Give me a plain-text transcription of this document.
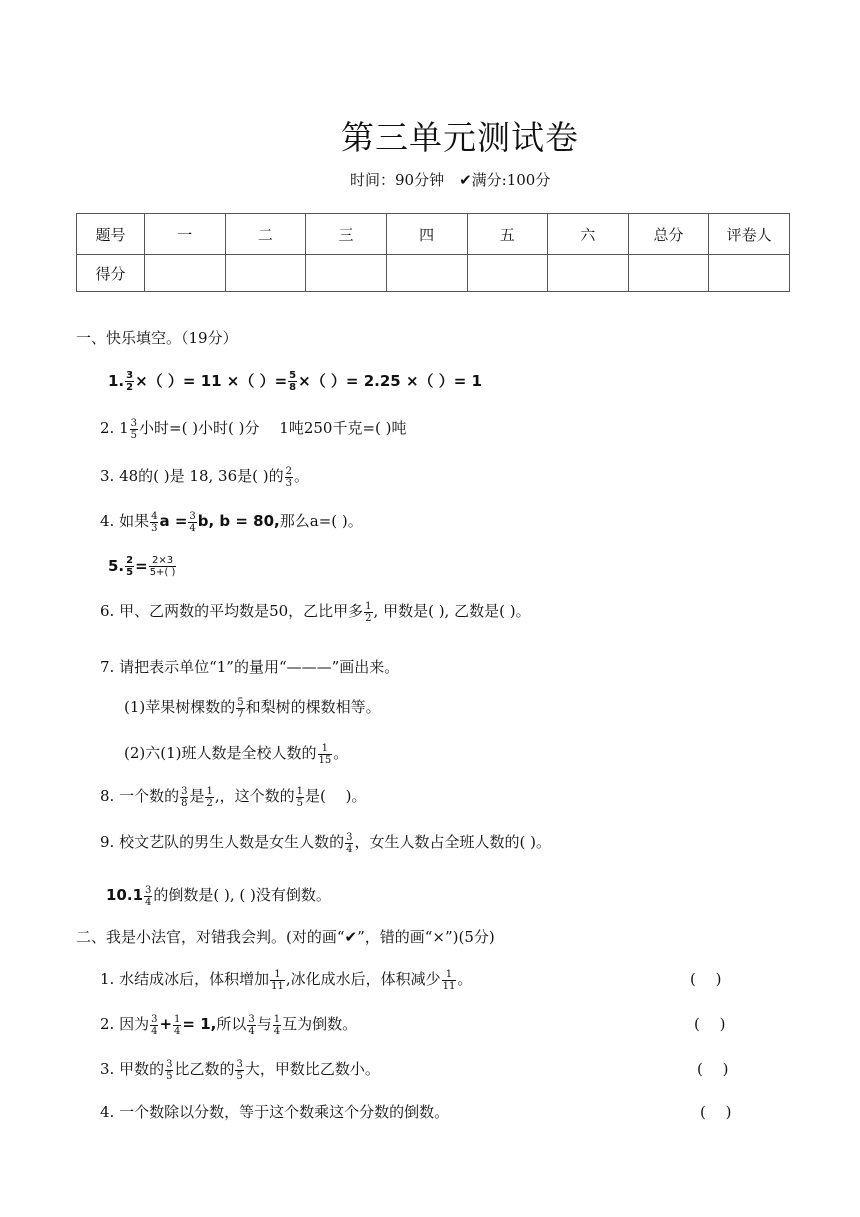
第三单元测试卷
时间：90分钟　✔满分:100分
题号	一	二	三	四	五	六	总分	评卷人
得分								
一、快乐填空。（19分）
1. $\frac{3}{2}$ ×（ ）= 11 ×（ ）= $\frac{5}{8}$ ×（ ）= 2.25 ×（ ）= 1
2. $1 \frac{3}{5}$ 小时=( )小时( )分　 1吨250千克=( )吨
3. 48的( )是 18, 36是( )的 $\frac{2}{3}$ 。
4. 如果 $\frac{4}{3}$ $a = \frac{3}{4} b$, b = 80,那么a=( )。
5. $\frac{2}{5} = \frac{2\times 3}{5+( )}$
6. 甲、乙两数的平均数是50，乙比甲多 $\frac{1}{2}$ , 甲数是( ), 乙数是( )。
7. 请把表示单位“1”的量用“———”画出来。
(1)苹果树棵数的 $\frac{5}{7}$ 和梨树的棵数相等。
(2)六(1)班人数是全校人数的 $\frac{1}{15}$ 。
8. 一个数的 $\frac{3}{8}$ 是 $\frac{1}{2}$ ,，这个数的 $\frac{1}{5}$ 是(　 )。
9. 校文艺队的男生人数是女生人数的 $\frac{3}{4}$ ，女生人数占全班人数的( )。
$10.1 \frac{3}{4}$ 的倒数是( ), ( )没有倒数。
二、我是小法官，对错我会判。(对的画“✔”，错的画“×”)(5分)
1. 水结成冰后，体积增加 $\frac{1}{11}$ ,冰化成水后，体积减少 $\frac{1}{11}$ 。	(　 )
2. 因为 $\frac{3}{4} + \frac{1}{4} = 1$,所以 $\frac{3}{4}$ 与 $\frac{1}{4}$ 互为倒数。	(　 )
3. 甲数的 $\frac{3}{5}$ 比乙数的 $\frac{3}{5}$ 大，甲数比乙数小。	(　 )
4. 一个数除以分数，等于这个数乘这个分数的倒数。	(　 )
